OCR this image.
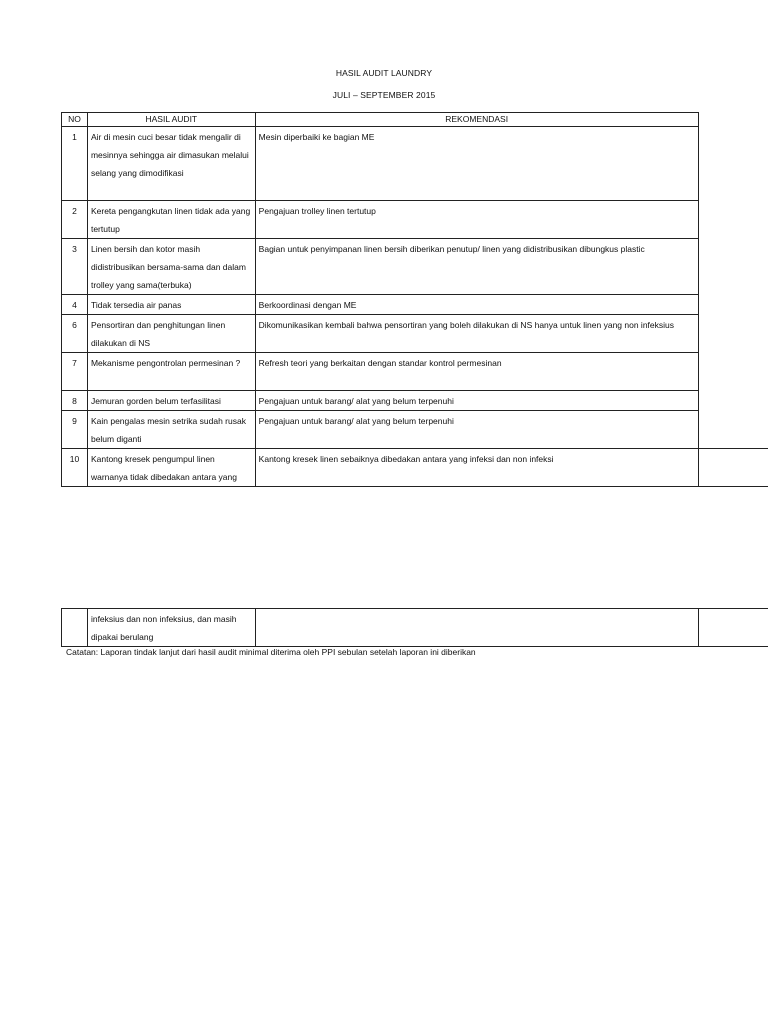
HASIL AUDIT LAUNDRY
JULI – SEPTEMBER 2015
NO	HASIL AUDIT	REKOMENDASI	
1	Air di mesin cuci besar tidak mengalir di mesinnya sehingga air dimasukan melalui selang yang dimodifikasi	Mesin diperbaiki ke bagian ME	
2	Kereta pengangkutan linen tidak ada yang tertutup	Pengajuan trolley linen tertutup	
3	Linen bersih dan kotor masih didistribusikan bersama-sama dan dalam trolley yang sama(terbuka)	Bagian untuk penyimpanan linen bersih diberikan penutup/ linen yang didistribusikan dibungkus plastic	
4	Tidak tersedia air panas	Berkoordinasi dengan ME	
6	Pensortiran dan penghitungan linen dilakukan di NS	Dikomunikasikan kembali bahwa pensortiran yang boleh dilakukan di NS hanya untuk linen yang non infeksius	
7	Mekanisme pengontrolan permesinan ?	Refresh teori yang berkaitan dengan standar kontrol permesinan	
8	Jemuran gorden belum terfasilitasi	Pengajuan untuk barang/ alat yang belum terpenuhi	
9	Kain pengalas mesin setrika sudah rusak belum diganti	Pengajuan untuk barang/ alat yang belum terpenuhi	
10	Kantong kresek pengumpul linen warnanya tidak dibedakan antara yang	Kantong kresek linen sebaiknya dibedakan antara yang infeksi dan non infeksi	
	infeksius dan non infeksius, dan masih dipakai berulang		
Catatan: Laporan tindak lanjut dari hasil audit minimal diterima oleh PPI sebulan setelah laporan ini diberikan
